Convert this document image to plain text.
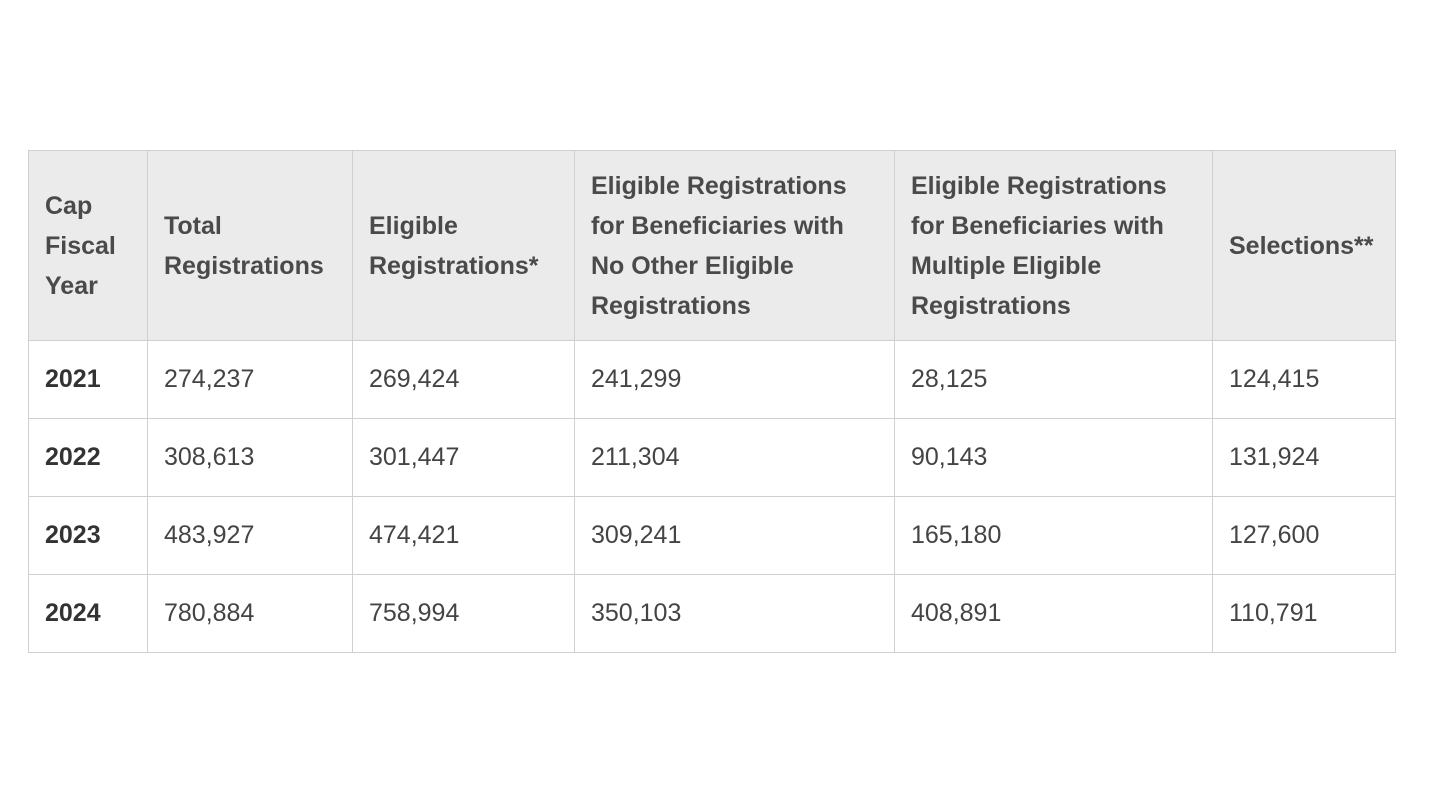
Cap
Fiscal
Year	Total
Registrations	Eligible
Registrations*	Eligible Registrations
for Beneficiaries with
No Other Eligible
Registrations	Eligible Registrations
for Beneficiaries with
Multiple Eligible
Registrations	Selections**
2021	274,237	269,424	241,299	28,125	124,415
2022	308,613	301,447	211,304	90,143	131,924
2023	483,927	474,421	309,241	165,180	127,600
2024	780,884	758,994	350,103	408,891	110,791
